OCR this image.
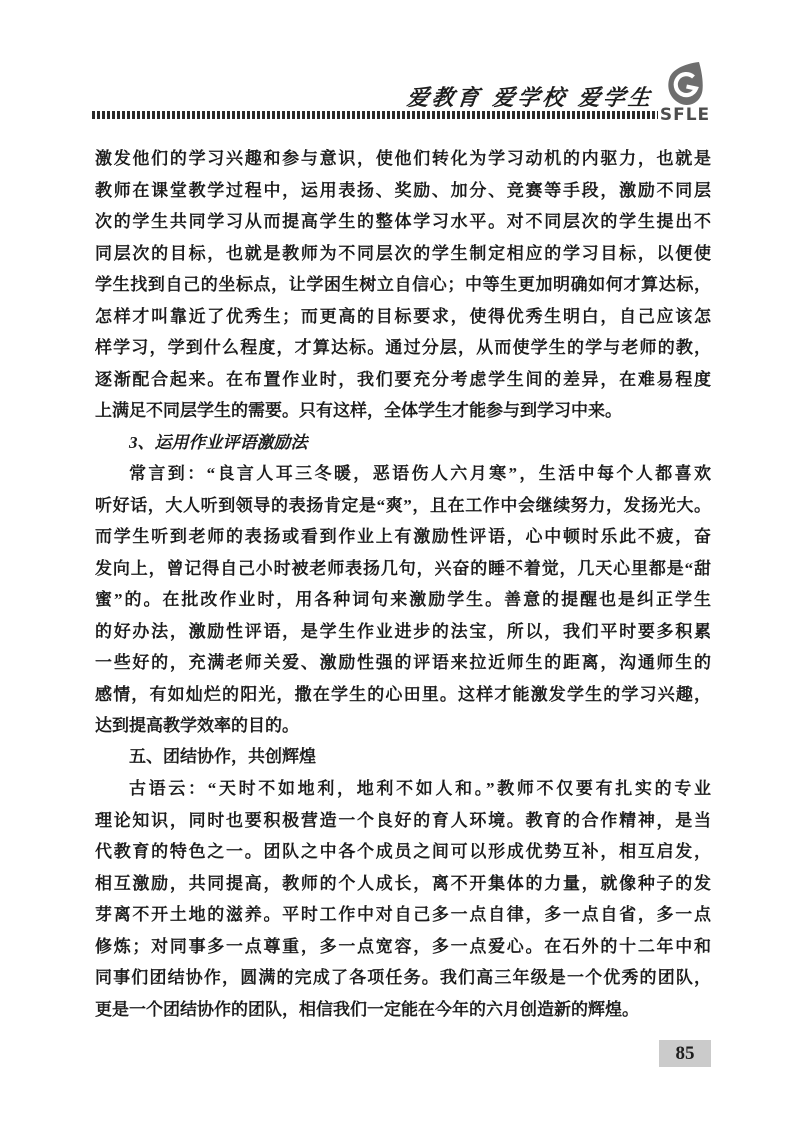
爱教育 爱学校 爱学生
SFLE
激发他们的学习兴趣和参与意识，使他们转化为学习动机的内驱力，也就是
教师在课堂教学过程中，运用表扬、奖励、加分、竞赛等手段，激励不同层
次的学生共同学习从而提高学生的整体学习水平。对不同层次的学生提出不
同层次的目标，也就是教师为不同层次的学生制定相应的学习目标，以便使
学生找到自己的坐标点，让学困生树立自信心；中等生更加明确如何才算达标，
怎样才叫靠近了优秀生；而更高的目标要求，使得优秀生明白，自己应该怎
样学习，学到什么程度，才算达标。通过分层，从而使学生的学与老师的教，
逐渐配合起来。在布置作业时，我们要充分考虑学生间的差异，在难易程度
上满足不同层学生的需要。只有这样，全体学生才能参与到学习中来。
3、运用作业评语激励法
常言到：“良言人耳三冬暖，恶语伤人六月寒”，生活中每个人都喜欢
听好话，大人听到领导的表扬肯定是“爽”，且在工作中会继续努力，发扬光大。
而学生听到老师的表扬或看到作业上有激励性评语，心中顿时乐此不疲，奋
发向上，曾记得自己小时被老师表扬几句，兴奋的睡不着觉，几天心里都是“甜
蜜”的。在批改作业时，用各种词句来激励学生。善意的提醒也是纠正学生
的好办法，激励性评语，是学生作业进步的法宝，所以，我们平时要多积累
一些好的，充满老师关爱、激励性强的评语来拉近师生的距离，沟通师生的
感情，有如灿烂的阳光，撒在学生的心田里。这样才能激发学生的学习兴趣，
达到提高教学效率的目的。
五、团结协作，共创辉煌
古语云：“天时不如地利，地利不如人和。”教师不仅要有扎实的专业
理论知识，同时也要积极营造一个良好的育人环境。教育的合作精神，是当
代教育的特色之一。团队之中各个成员之间可以形成优势互补，相互启发，
相互激励，共同提高，教师的个人成长，离不开集体的力量，就像种子的发
芽离不开土地的滋养。平时工作中对自己多一点自律，多一点自省，多一点
修炼；对同事多一点尊重，多一点宽容，多一点爱心。在石外的十二年中和
同事们团结协作，圆满的完成了各项任务。我们高三年级是一个优秀的团队，
更是一个团结协作的团队，相信我们一定能在今年的六月创造新的辉煌。
85
